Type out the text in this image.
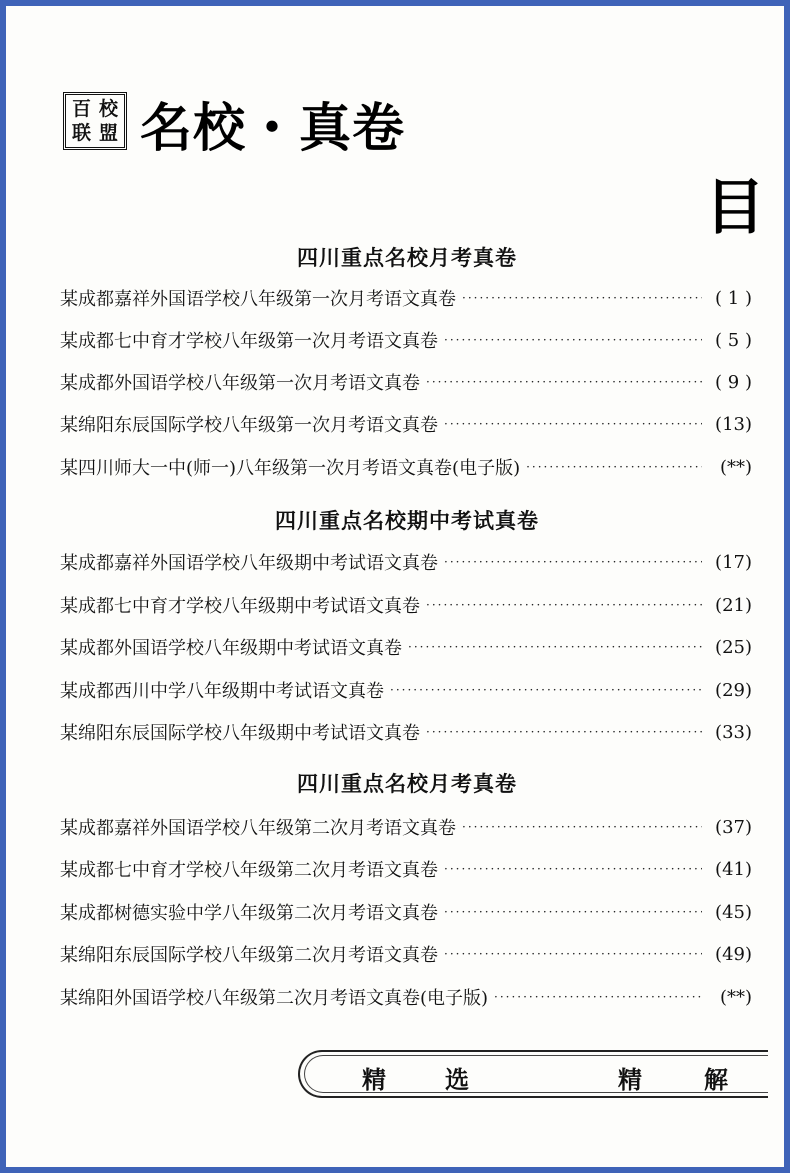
百 校
联 盟 名校・真卷
目
四川重点名校月考真卷
某成都嘉祥外国语学校八年级第一次月考语文真卷 ·····	( 1 )
某成都七中育才学校八年级第一次月考语文真卷 ·····	( 5 )
某成都外国语学校八年级第一次月考语文真卷 ·····	( 9 )
某绵阳东辰国际学校八年级第一次月考语文真卷 ·····	(13)
某四川师大一中(师一)八年级第一次月考语文真卷(电子版) ·····	(**)
四川重点名校期中考试真卷
某成都嘉祥外国语学校八年级期中考试语文真卷 ·····	(17)
某成都七中育才学校八年级期中考试语文真卷 ·····	(21)
某成都外国语学校八年级期中考试语文真卷 ·····	(25)
某成都西川中学八年级期中考试语文真卷 ·····	(29)
某绵阳东辰国际学校八年级期中考试语文真卷 ·····	(33)
四川重点名校月考真卷
某成都嘉祥外国语学校八年级第二次月考语文真卷 ·····	(37)
某成都七中育才学校八年级第二次月考语文真卷 ·····	(41)
某成都树德实验中学八年级第二次月考语文真卷 ·····	(45)
某绵阳东辰国际学校八年级第二次月考语文真卷 ·····	(49)
某绵阳外国语学校八年级第二次月考语文真卷(电子版) ·····	(**)
精 选	精	解
